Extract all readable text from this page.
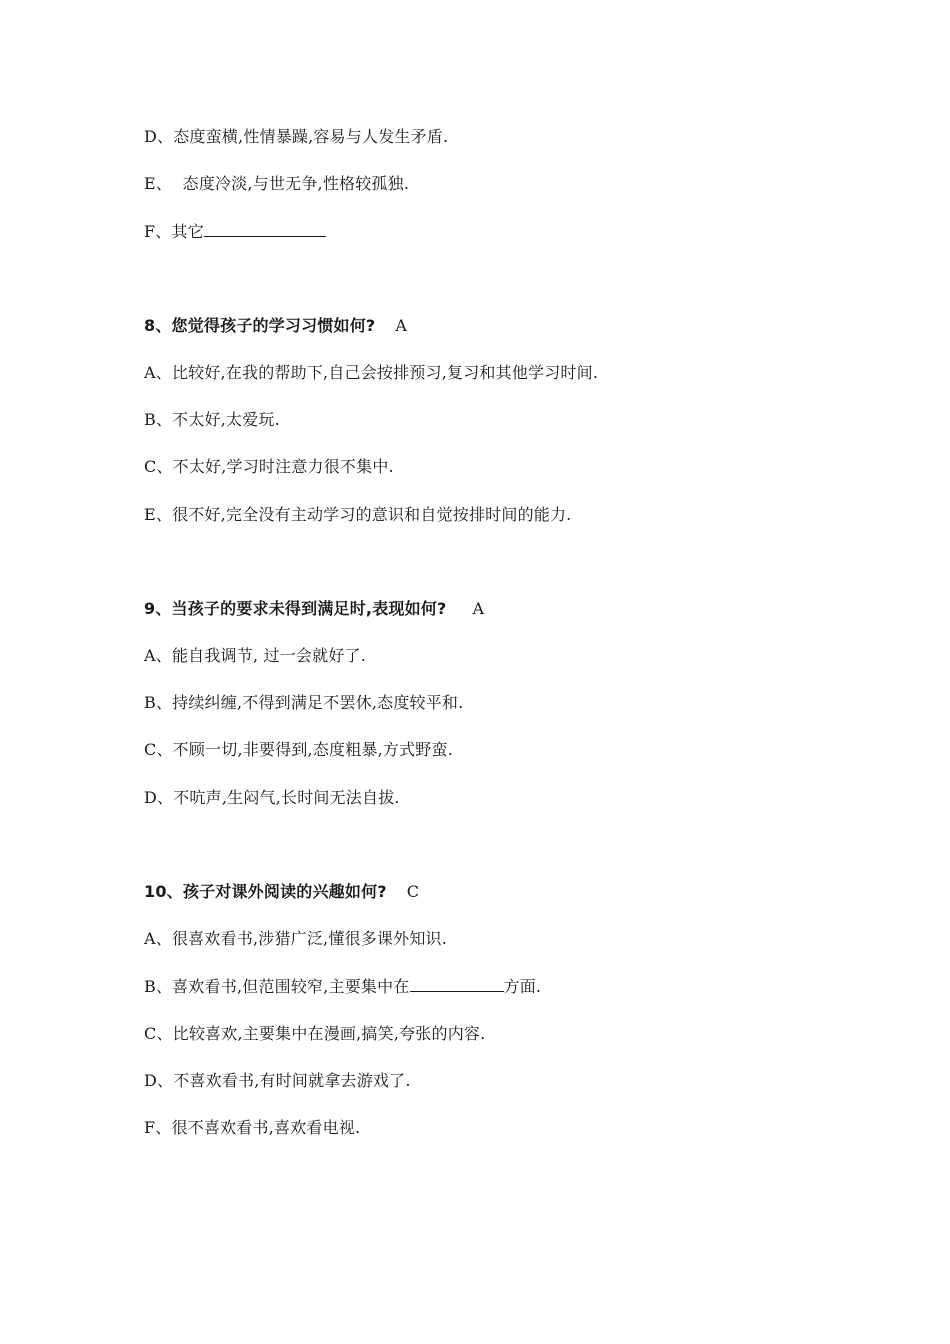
D、态度蛮横,性情暴躁,容易与人发生矛盾.
E、  态度冷淡,与世无争,性格较孤独.
F、其它
8、您觉得孩子的学习习惯如何? A
A、比较好,在我的帮助下,自己会按排预习,复习和其他学习时间.
B、不太好,太爱玩.
C、不太好,学习时注意力很不集中.
E、很不好,完全没有主动学习的意识和自觉按排时间的能力.
9、当孩子的要求未得到满足时,表现如何? A
A、能自我调节, 过一会就好了.
B、持续纠缠,不得到满足不罢休,态度较平和.
C、不顾一切,非要得到,态度粗暴,方式野蛮.
D、不吭声,生闷气,长时间无法自拔.
10、孩子对课外阅读的兴趣如何? C
A、很喜欢看书,涉猎广泛,懂很多课外知识.
B、喜欢看书,但范围较窄,主要集中在	方面.
C、比较喜欢,主要集中在漫画,搞笑,夸张的内容.
D、不喜欢看书,有时间就拿去游戏了.
F、很不喜欢看书,喜欢看电视.
